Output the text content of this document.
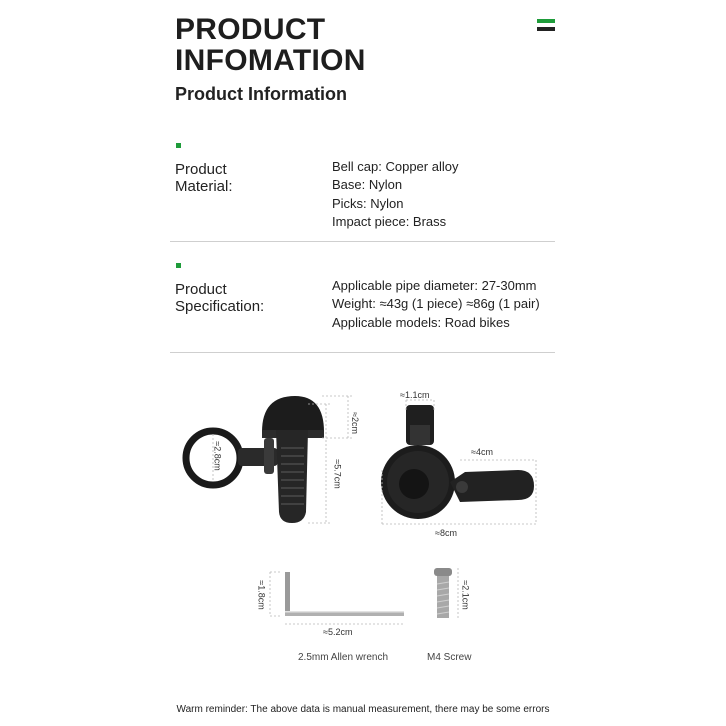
PRODUCT
INFOMATION
Product Information
Product
Material:
Bell cap: Copper alloy
Base: Nylon
Picks: Nylon
Impact piece: Brass
Product
Specification:
Applicable pipe diameter: 27-30mm
Weight: ≈43g (1 piece) ≈86g (1 pair)
Applicable models: Road bikes
≈2.8cm
≈2cm
≈5.7cm
≈1.1cm
≈4cm
≈8cm
≈1.8cm
≈5.2cm
≈2.1cm
2.5mm Allen wrench	M4 Screw
Warm reminder: The above data is manual measurement, there may be some errors
